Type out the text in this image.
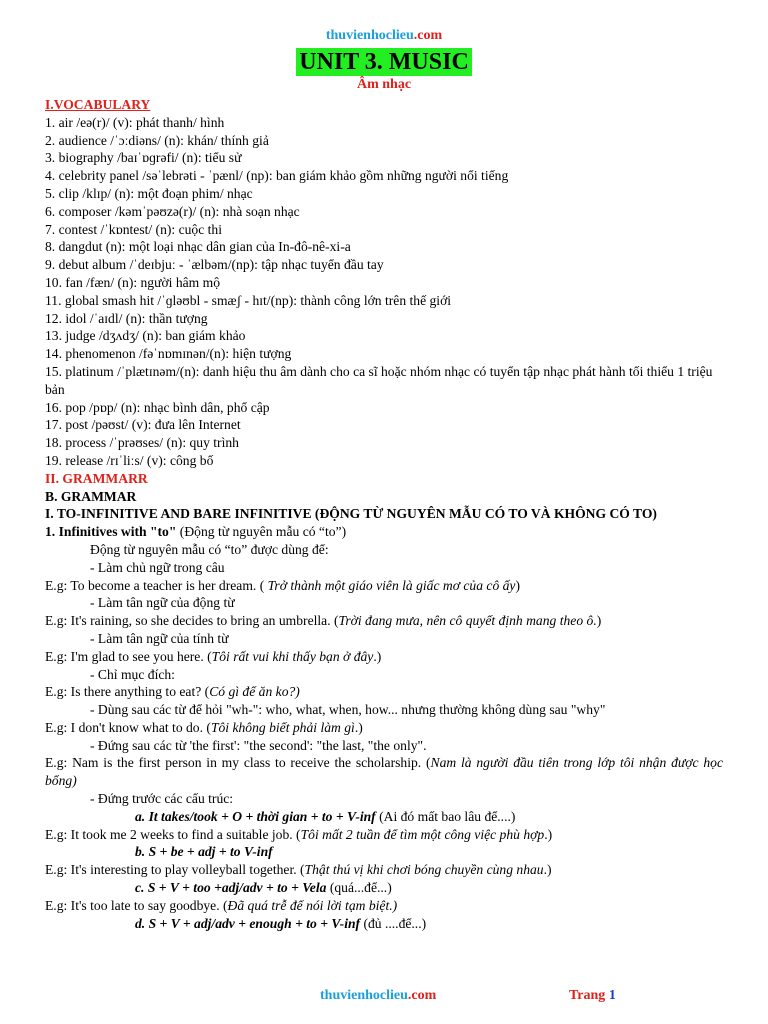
thuvienhoclieu.com
UNIT 3. MUSIC
Âm nhạc
I.VOCABULARY
1. air /eə(r)/ (v): phát thanh/ hình
2. audience /ˈɔːdiəns/ (n): khán/ thính giả
3. biography /baɪˈɒɡrəfi/ (n): tiểu sử
4. celebrity panel /səˈlebrəti - ˈpænl/ (np): ban giám khảo gồm những người nổi tiếng
5. clip /klɪp/ (n): một đoạn phim/ nhạc
6. composer /kəmˈpəʊzə(r)/ (n): nhà soạn nhạc
7. contest /ˈkɒntest/ (n): cuộc thi
8. dangdut (n): một loại nhạc dân gian của In-đô-nê-xi-a
9. debut album /ˈdeɪbjuː - ˈælbəm/(np): tập nhạc tuyển đầu tay
10. fan /fæn/ (n): người hâm mộ
11. global smash hit /ˈɡləʊbl - smæʃ - hɪt/(np): thành công lớn trên thế giới
12. idol /ˈaɪdl/ (n): thần tượng
13. judge /dʒʌdʒ/ (n): ban giám khảo
14. phenomenon /fəˈnɒmɪnən/(n): hiện tượng
15. platinum /ˈplætɪnəm/(n): danh hiệu thu âm dành cho ca sĩ hoặc nhóm nhạc có tuyển tập nhạc phát hành tối thiểu 1 triệu bản
16. pop /pɒp/ (n): nhạc bình dân, phổ cập
17. post /pəʊst/ (v): đưa lên Internet
18. process /ˈprəʊses/ (n): quy trình
19. release /rɪˈliːs/ (v): công bố
II. GRAMMARR
B. GRAMMAR
I. TO-INFINITIVE AND BARE INFINITIVE (ĐỘNG TỪ NGUYÊN MẪU CÓ TO VÀ KHÔNG CÓ TO)
1. Infinitives with "to" (Động từ nguyên mẫu có “to”)
Động từ nguyên mẫu có “to” được dùng để:
- Làm chủ ngữ trong câu
E.g: To become a teacher is her dream. ( Trở thành một giáo viên là giấc mơ của cô ấy)
- Làm tân ngữ của động từ
E.g: It's raining, so she decides to bring an umbrella. (Trời đang mưa, nên cô quyết định mang theo ô.)
- Làm tân ngữ của tính từ
E.g: I'm glad to see you here. (Tôi rất vui khi thấy bạn ở đây.)
- Chỉ mục đích:
E.g: Is there anything to eat? (Có gì để ăn ko?)
- Dùng sau các từ để hỏi "wh-": who, what, when, how... nhưng thường không dùng sau "why"
E.g: I don't know what to do. (Tôi không biết phải làm gì.)
- Đứng sau các từ 'the first': "the second': "the last, "the only".
E.g: Nam is the first person in my class to receive the scholarship. (Nam là người đầu tiên trong lớp tôi nhận được học bổng)
- Đứng trước các cấu trúc:
a. It takes/took + O + thời gian + to + V-inf (Ai đó mất bao lâu để....)
E.g: It took me 2 weeks to find a suitable job. (Tôi mất 2 tuần để tìm một công việc phù hợp.)
b. S + be + adj + to V-inf
E.g: It's interesting to play volleyball together. (Thật thú vị khi chơi bóng chuyền cùng nhau.)
c. S + V + too +adj/adv + to + Vela (quá...để...)
E.g: It's too late to say goodbye. (Đã quá trễ để nói lời tạm biệt.)
d. S + V + adj/adv + enough + to + V-inf (đủ ....để...)
thuvienhoclieu.com	Trang 1
